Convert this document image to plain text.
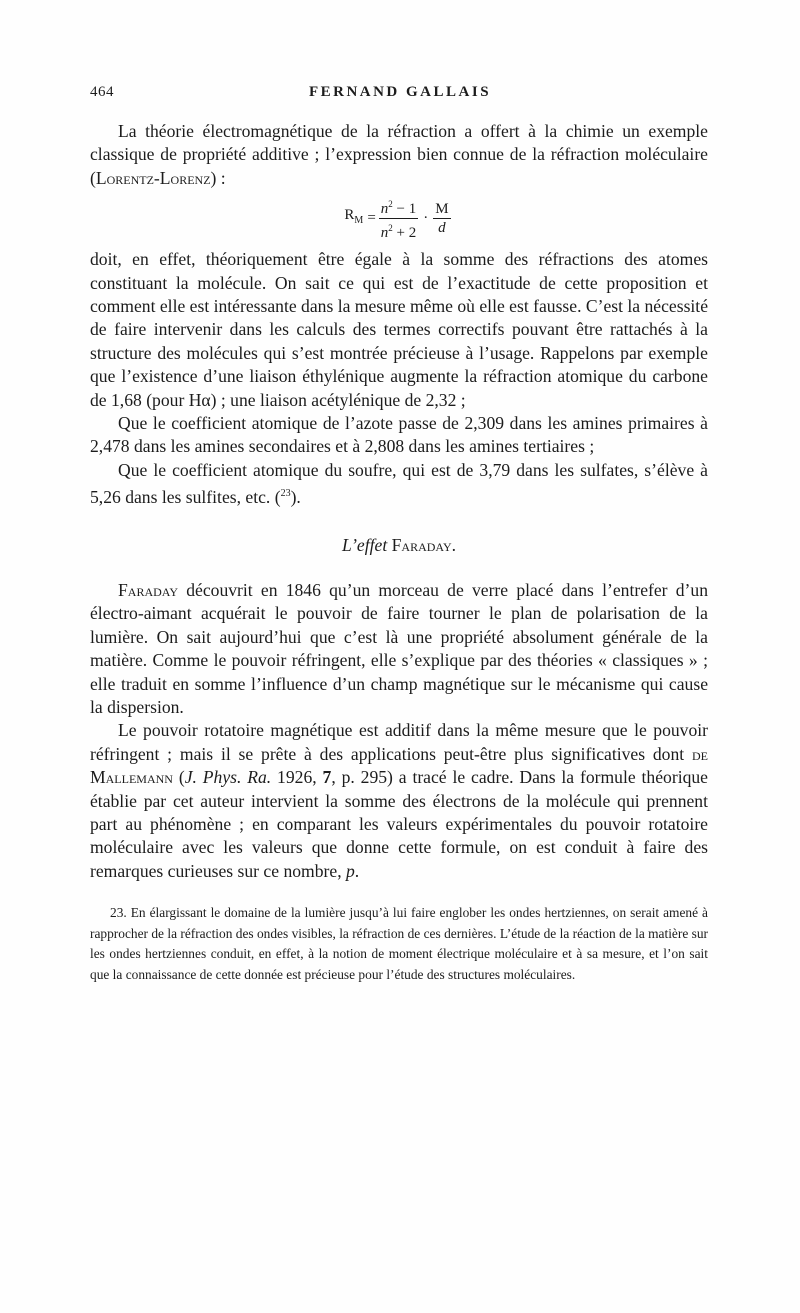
464	FERNAND GALLAIS

La théorie électromagnétique de la réfraction a offert à la chimie un exemple classique de propriété additive ; l’expression bien connue de la réfraction moléculaire (Lorentz-Lorenz) :

$R_M = \frac{n^2 - 1}{n^2 + 2} \cdot \frac{M}{d}$

doit, en effet, théoriquement être égale à la somme des réfractions des atomes constituant la molécule. On sait ce qui est de l’exactitude de cette proposition et comment elle est intéressante dans la mesure même où elle est fausse. C’est la nécessité de faire intervenir dans les calculs des termes correctifs pouvant être rattachés à la structure des molécules qui s’est montrée précieuse à l’usage. Rappelons par exemple que l’existence d’une liaison éthylénique augmente la réfraction atomique du carbone de 1,68 (pour Hα) ; une liaison acétylénique de 2,32 ;

Que le coefficient atomique de l’azote passe de 2,309 dans les amines primaires à 2,478 dans les amines secondaires et à 2,808 dans les amines tertiaires ;

Que le coefficient atomique du soufre, qui est de 3,79 dans les sulfates, s’élève à 5,26 dans les sulfites, etc. ($^{23}$).

L’effet Faraday.

Faraday découvrit en 1846 qu’un morceau de verre placé dans l’entrefer d’un électro-aimant acquérait le pouvoir de faire tourner le plan de polarisation de la lumière. On sait aujourd’hui que c’est là une propriété absolument générale de la matière. Comme le pouvoir réfringent, elle s’explique par des théories « classiques » ; elle traduit en somme l’influence d’un champ magnétique sur le mécanisme qui cause la dispersion.

Le pouvoir rotatoire magnétique est additif dans la même mesure que le pouvoir réfringent ; mais il se prête à des applications peut-être plus significatives dont de Mallemann (J. Phys. Ra. 1926, 7, p. 295) a tracé le cadre. Dans la formule théorique établie par cet auteur intervient la somme des électrons de la molécule qui prennent part au phénomène ; en comparant les valeurs expérimentales du pouvoir rotatoire moléculaire avec les valeurs que donne cette formule, on est conduit à faire des remarques curieuses sur ce nombre, p.

23. En élargissant le domaine de la lumière jusqu’à lui faire englober les ondes hertziennes, on serait amené à rapprocher de la réfraction des ondes visibles, la réfraction de ces dernières. L’étude de la réaction de la matière sur les ondes hertziennes conduit, en effet, à la notion de moment électrique moléculaire et à sa mesure, et l’on sait que la connaissance de cette donnée est précieuse pour l’étude des structures moléculaires.
